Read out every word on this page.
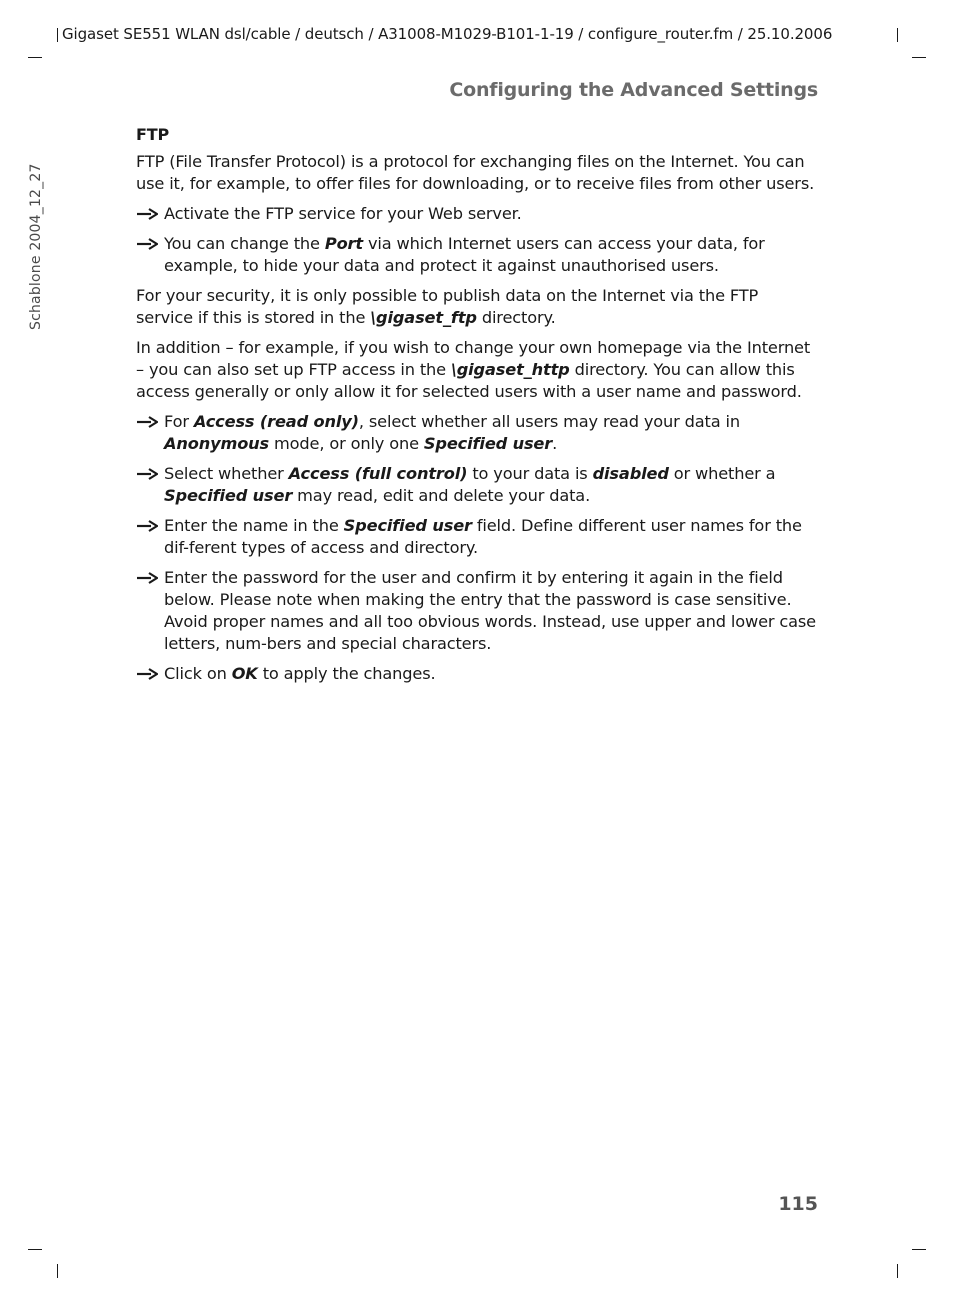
Gigaset SE551 WLAN dsl/cable / deutsch / A31008-M1029-B101-1-19 / configure_router.fm / 25.10.2006
Configuring the Advanced Settings
Schablone 2004_12_27
FTP

FTP (File Transfer Protocol) is a protocol for exchanging files on the Internet. You can use it, for example, to offer files for downloading, or to receive files from other users.

Activate the FTP service for your Web server.
You can change the Port via which Internet users can access your data, for example, to hide your data and protect it against unauthorised users.

For your security, it is only possible to publish data on the Internet via the FTP service if this is stored in the \gigaset_ftp directory.

In addition – for example, if you wish to change your own homepage via the Internet – you can also set up FTP access in the \gigaset_http directory. You can allow this access generally or only allow it for selected users with a user name and password.

For Access (read only), select whether all users may read your data in Anonymous mode, or only one Specified user.
Select whether Access (full control) to your data is disabled or whether a Specified user may read, edit and delete your data.
Enter the name in the Specified user field. Define different user names for the dif-ferent types of access and directory.
Enter the password for the user and confirm it by entering it again in the field below. Please note when making the entry that the password is case sensitive. Avoid proper names and all too obvious words. Instead, use upper and lower case letters, num-bers and special characters.
Click on OK to apply the changes.
115
